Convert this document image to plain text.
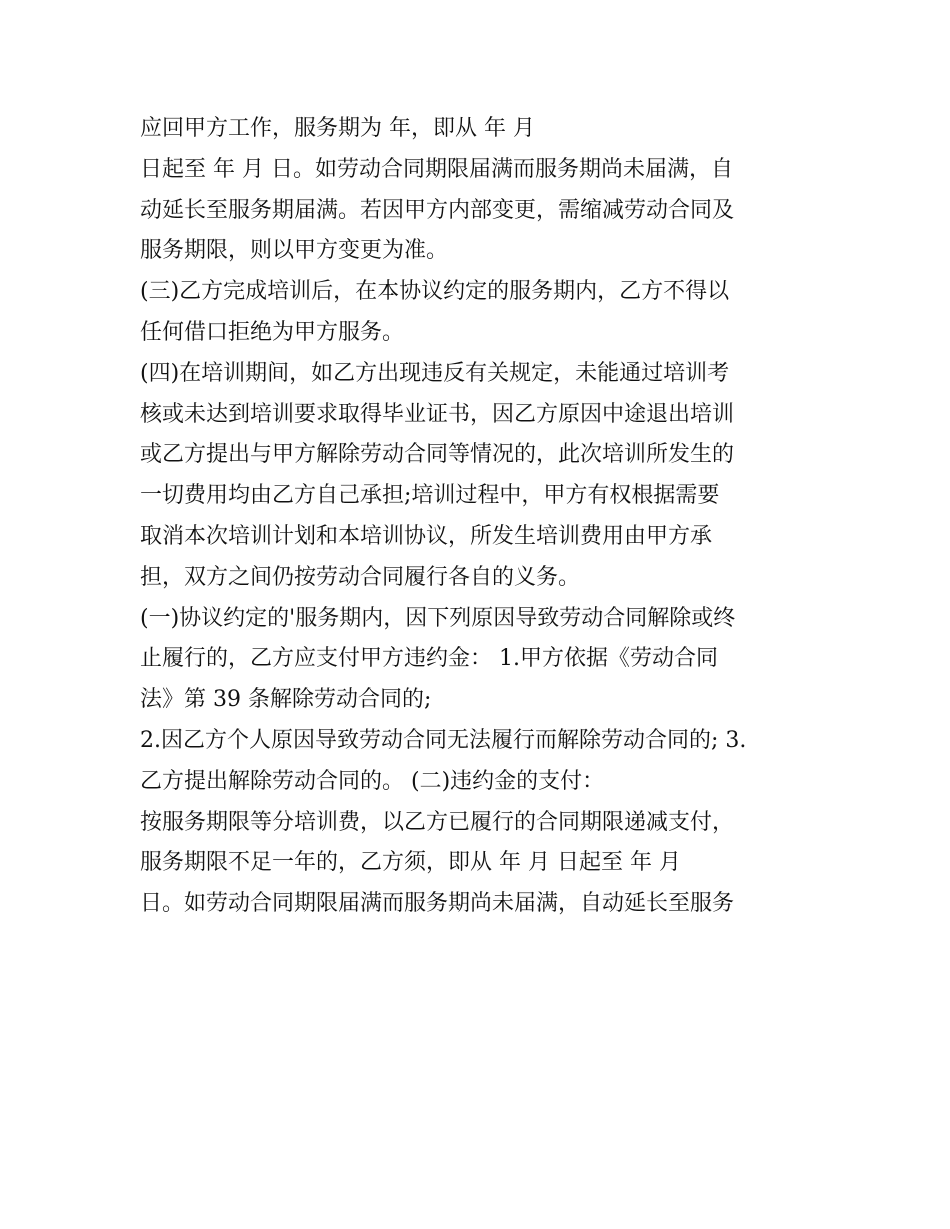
应回甲方工作，服务期为 年，即从 年 月
日起至 年 月 日。如劳动合同期限届满而服务期尚未届满，自
动延长至服务期届满。若因甲方内部变更，需缩减劳动合同及
服务期限，则以甲方变更为准。
(三)乙方完成培训后，在本协议约定的服务期内，乙方不得以
任何借口拒绝为甲方服务。
(四)在培训期间，如乙方出现违反有关规定，未能通过培训考
核或未达到培训要求取得毕业证书，因乙方原因中途退出培训
或乙方提出与甲方解除劳动合同等情况的，此次培训所发生的
一切费用均由乙方自己承担;培训过程中，甲方有权根据需要
取消本次培训计划和本培训协议，所发生培训费用由甲方承
担，双方之间仍按劳动合同履行各自的义务。
(一)协议约定的'服务期内，因下列原因导致劳动合同解除或终
止履行的，乙方应支付甲方违约金： 1.甲方依据《劳动合同
法》第 39 条解除劳动合同的;
2.因乙方个人原因导致劳动合同无法履行而解除劳动合同的; 3.
乙方提出解除劳动合同的。 (二)违约金的支付：
按服务期限等分培训费，以乙方已履行的合同期限递减支付，
服务期限不足一年的，乙方须，即从 年 月 日起至 年 月
日。如劳动合同期限届满而服务期尚未届满，自动延长至服务
